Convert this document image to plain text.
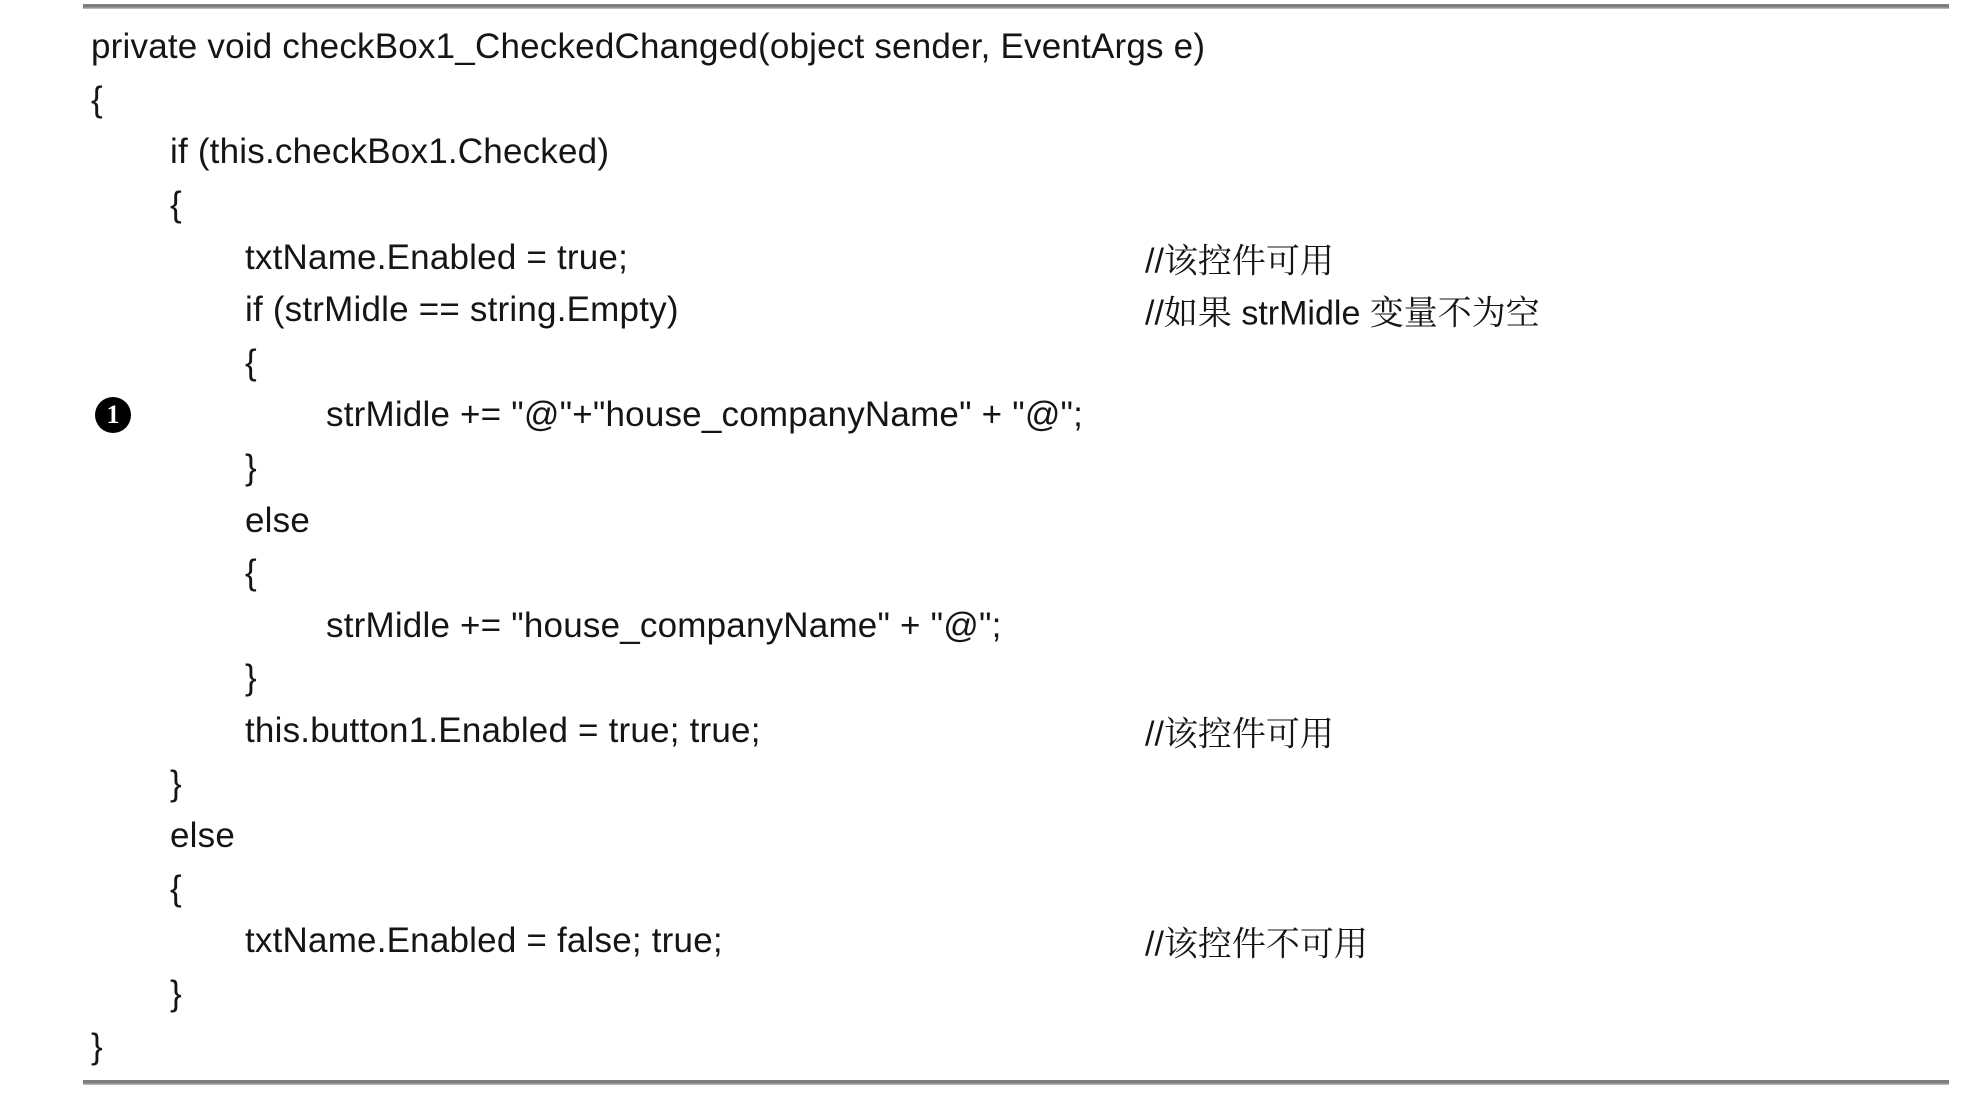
private void checkBox1_CheckedChanged(object sender, EventArgs e)
{
if (this.checkBox1.Checked)
{
txtName.Enabled = true;	//该控件可用
if (strMidle == string.Empty)	//如果 strMidle 变量不为空
{
1	strMidle += "@"+"house_companyName" + "@";
}
else
{
strMidle += "house_companyName" + "@";
}
this.button1.Enabled = true; true;	//该控件可用
}
else
{
txtName.Enabled = false; true;	//该控件不可用
}
}
